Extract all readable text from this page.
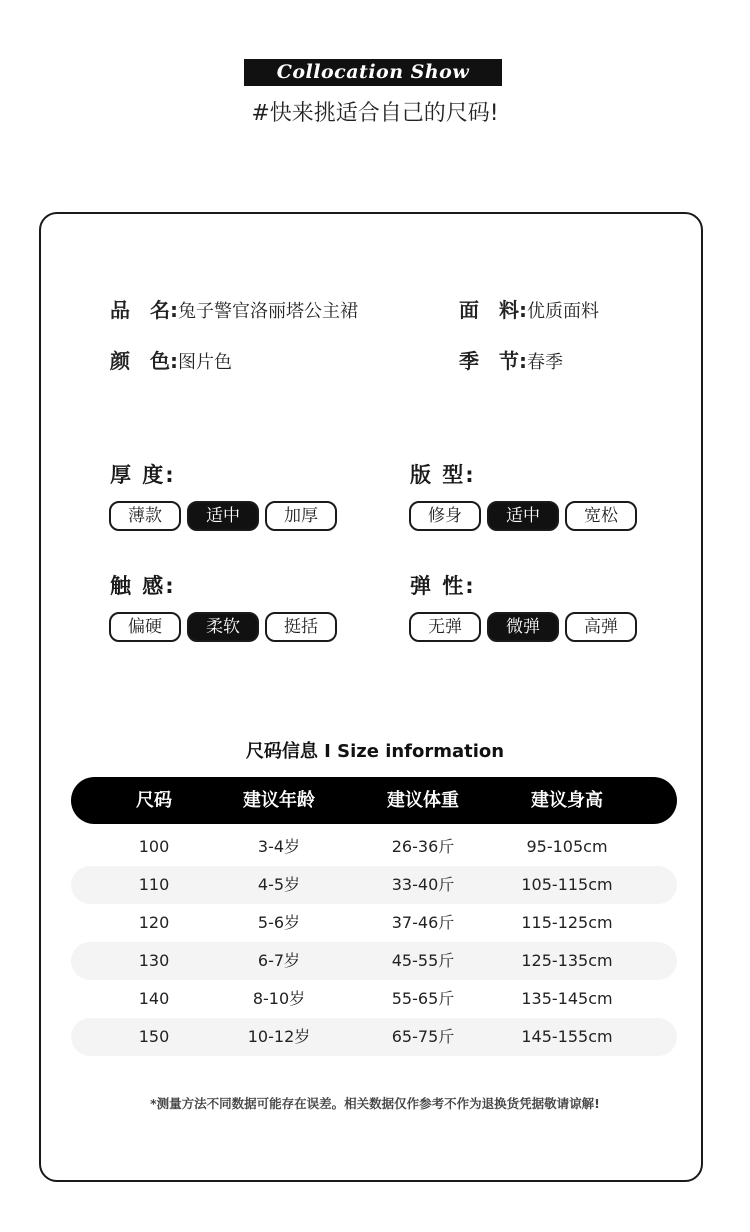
Collocation Show
#快来挑适合自己的尺码!
品 名:兔子警官洛丽塔公主裙	面 料:优质面料
颜 色:图片色	季 节:春季
厚 度:
薄款	适中	加厚
版 型:
修身	适中	宽松
触 感:
偏硬	柔软	挺括
弹 性:
无弹	微弹	高弹
尺码信息 I Size information
尺码	建议年龄	建议体重	建议身高
100	3-4岁	26-36斤	95-105cm
110	4-5岁	33-40斤	105-115cm
120	5-6岁	37-46斤	115-125cm
130	6-7岁	45-55斤	125-135cm
140	8-10岁	55-65斤	135-145cm
150	10-12岁	65-75斤	145-155cm
*测量方法不同数据可能存在误差。相关数据仅作参考不作为退换货凭据敬请谅解!
